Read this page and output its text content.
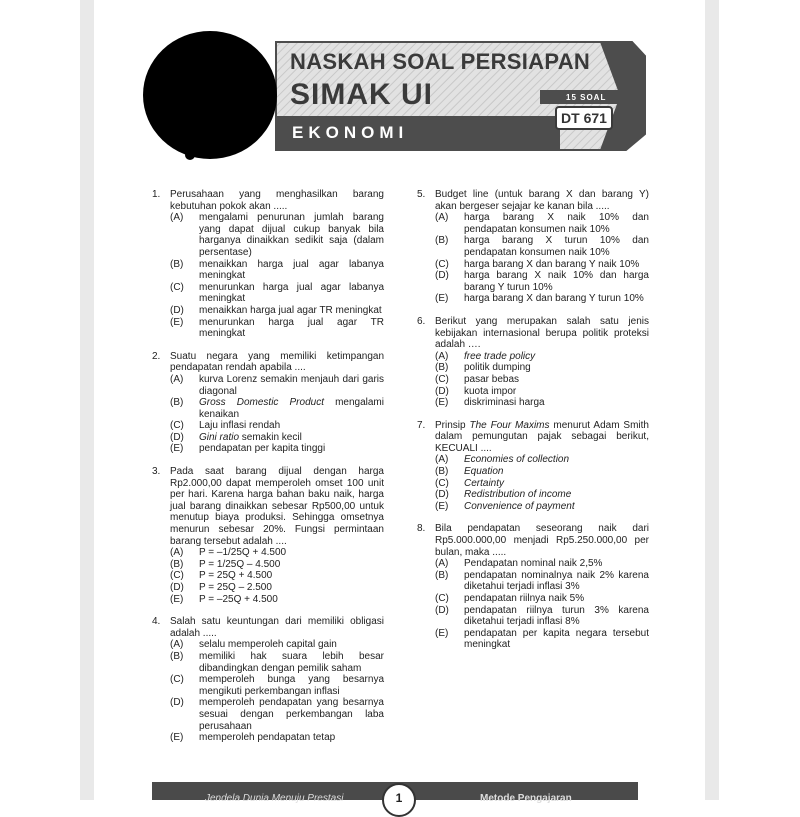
NASKAH SOAL PERSIAPAN
SIMAK UI
EKONOMI
15 SOAL
DT 671
1. Perusahaan yang menghasilkan barang kebutuhan pokok akan .....
(A)	mengalami penurunan jumlah barang yang dapat dijual cukup banyak bila harganya dinaikkan sedikit saja (dalam persentase)
(B)	menaikkan harga jual agar labanya meningkat
(C)	menurunkan harga jual agar labanya meningkat
(D)	menaikkan harga jual agar TR meningkat
(E)	menurunkan harga jual agar TR meningkat
2. Suatu negara yang memiliki ketimpangan pendapatan rendah apabila ....
(A)	kurva Lorenz semakin menjauh dari garis diagonal
(B)	Gross Domestic Product mengalami kenaikan
(C)	Laju inflasi rendah
(D)	Gini ratio semakin kecil
(E)	pendapatan per kapita tinggi
3. Pada saat barang dijual dengan harga Rp2.000,00 dapat memperoleh omset 100 unit per hari. Karena harga bahan baku naik, harga jual barang dinaikkan sebesar Rp500,00 untuk menutup biaya produksi. Sehingga omsetnya menurun sebesar 20%. Fungsi permintaan barang tersebut adalah ....
(A)	P = –1/25Q + 4.500
(B)	P = 1/25Q – 4.500
(C)	P = 25Q + 4.500
(D)	P = 25Q – 2.500
(E)	P = –25Q + 4.500
4. Salah satu keuntungan dari memiliki obligasi adalah .....
(A)	selalu memperoleh capital gain
(B)	memiliki hak suara lebih besar dibandingkan dengan pemilik saham
(C)	memperoleh bunga yang besarnya mengikuti perkembangan inflasi
(D)	memperoleh pendapatan yang besarnya sesuai dengan perkembangan laba perusahaan
(E)	memperoleh pendapatan tetap
5. Budget line (untuk barang X dan barang Y) akan bergeser sejajar ke kanan bila .....
(A)	harga barang X naik 10% dan pendapatan konsumen naik 10%
(B)	harga barang X turun 10% dan pendapatan konsumen naik 10%
(C)	harga barang X dan barang Y naik 10%
(D)	harga barang X naik 10% dan harga barang Y turun 10%
(E)	harga barang X dan barang Y turun 10%
6. Berikut yang merupakan salah satu jenis kebijakan internasional berupa politik proteksi adalah ….
(A)	free trade policy
(B)	politik dumping
(C)	pasar bebas
(D)	kuota impor
(E)	diskriminasi harga
7. Prinsip The Four Maxims menurut Adam Smith dalam pemungutan pajak sebagai berikut, KECUALI ....
(A)	Economies of collection
(B)	Equation
(C)	Certainty
(D)	Redistribution of income
(E)	Convenience of payment
8. Bila pendapatan seseorang naik dari Rp5.000.000,00 menjadi Rp5.250.000,00 per bulan, maka .....
(A)	Pendapatan nominal naik 2,5%
(B)	pendapatan nominalnya naik 2% karena diketahui terjadi inflasi 3%
(C)	pendapatan riilnya naik 5%
(D)	pendapatan riilnya turun 3% karena diketahui terjadi inflasi 8%
(E)	pendapatan per kapita negara tersebut meningkat
Jendela Dunia Menuju Prestasi	1	Metode Pengajaran
